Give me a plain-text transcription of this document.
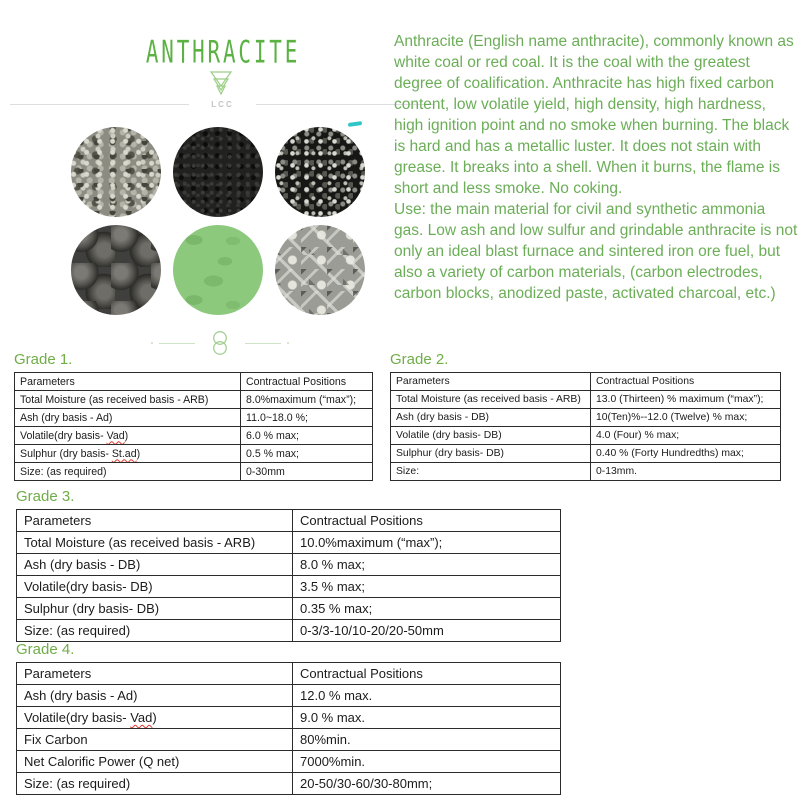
ANTHRACITE
LCC

Anthracite (English name anthracite), commonly known as white coal or red coal. It is the coal with the greatest degree of coalification. Anthracite has high fixed carbon content, low volatile yield, high density, high hardness, high ignition point and no smoke when burning. The black is hard and has a metallic luster. It does not stain with grease. It breaks into a shell. When it burns, the flame is short and less smoke. No coking.

Use: the main material for civil and synthetic ammonia gas. Low ash and low sulfur and grindable anthracite is not only an ideal blast furnace and sintered iron ore fuel, but also a variety of carbon materials, (carbon electrodes, carbon blocks, anodized paste, activated charcoal, etc.)

Grade 1.
Parameters	Contractual Positions
Total Moisture (as received basis - ARB)	8.0%maximum (“max”);
Ash (dry basis - Ad)	11.0~18.0 %;
Volatile(dry basis- Vad)	6.0 % max;
Sulphur (dry basis- St.ad)	0.5 % max;
Size: (as required)	0-30mm
Grade 2.
Parameters	Contractual Positions
Total Moisture (as received basis - ARB)	13.0 (Thirteen) % maximum (“max”);
Ash (dry basis - DB)	10(Ten)%--12.0 (Twelve) % max;
Volatile (dry basis- DB)	4.0 (Four) % max;
Sulphur (dry basis- DB)	0.40 % (Forty Hundredths) max;
Size:	0-13mm.
Grade 3.
Parameters	Contractual Positions
Total Moisture (as received basis - ARB)	10.0%maximum (“max”);
Ash (dry basis - DB)	8.0 % max;
Volatile(dry basis- DB)	3.5 % max;
Sulphur (dry basis- DB)	0.35 % max;
Size: (as required)	0-3/3-10/10-20/20-50mm
Grade 4.
Parameters	Contractual Positions
Ash (dry basis - Ad)	12.0 % max.
Volatile(dry basis- Vad)	9.0 % max.
Fix Carbon	80%min.
Net Calorific Power (Q net)	7000%min.
Size: (as required)	20-50/30-60/30-80mm;
